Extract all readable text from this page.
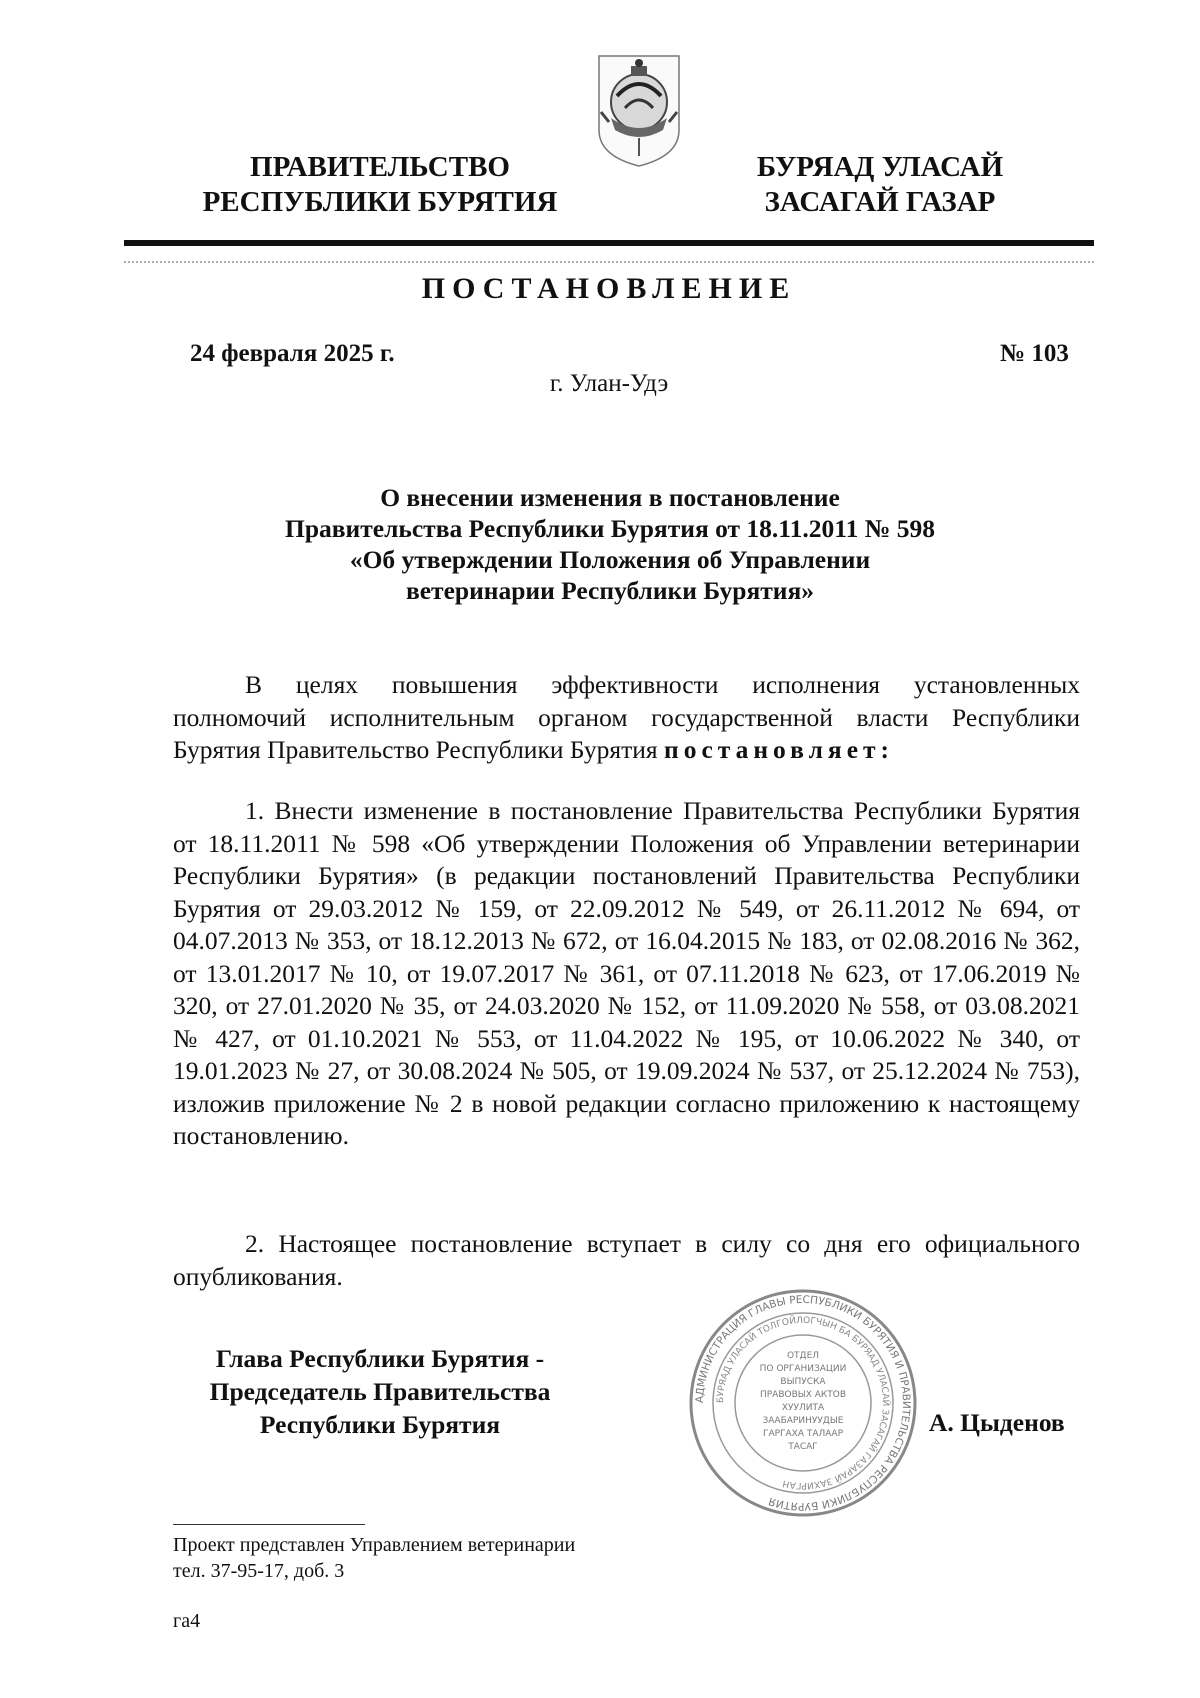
ПРАВИТЕЛЬСТВО
РЕСПУБЛИКИ БУРЯТИЯ
БУРЯАД УЛАСАЙ
ЗАСАГАЙ ГАЗАР
ПОСТАНОВЛЕНИЕ
24 февраля 2025 г.	№ 103
г. Улан-Удэ
О внесении изменения в постановление
Правительства Республики Бурятия от 18.11.2011 № 598
«Об утверждении Положения об Управлении
ветеринарии Республики Бурятия»

В целях повышения эффективности исполнения установленных полномочий исполнительным органом государственной власти Республики Бурятия Правительство Республики Бурятия постановляет:

1. Внести изменение в постановление Правительства Республики Бурятия от 18.11.2011 № 598 «Об утверждении Положения об Управлении ветеринарии Республики Бурятия» (в редакции постановлений Правительства Республики Бурятия от 29.03.2012 № 159, от 22.09.2012 № 549, от 26.11.2012 № 694, от 04.07.2013 № 353, от 18.12.2013 № 672, от 16.04.2015 № 183, от 02.08.2016 № 362, от 13.01.2017 № 10, от 19.07.2017 № 361, от 07.11.2018 № 623, от 17.06.2019 № 320, от 27.01.2020 № 35, от 24.03.2020 № 152, от 11.09.2020 № 558, от 03.08.2021 № 427, от 01.10.2021 № 553, от 11.04.2022 № 195, от 10.06.2022 № 340, от 19.01.2023 № 27, от 30.08.2024 № 505, от 19.09.2024 № 537, от 25.12.2024 № 753), изложив приложение № 2 в новой редакции согласно приложению к настоящему постановлению.

2. Настоящее постановление вступает в силу со дня его официального опубликования.

Глава Республики Бурятия -
Председатель Правительства
Республики Бурятия	А. Цыденов
АДМИНИСТРАЦИЯ ГЛАВЫ РЕСПУБЛИКИ БУРЯТИЯ И ПРАВИТЕЛЬСТВА РЕСПУБЛИКИ БУРЯТИЯ
БУРЯАД УЛАСАЙ ТОЛГОЙЛОГЧЫН БА БУРЯАД УЛАСАЙ ЗАСАГАЙ ГАЗАРАЙ ЗАХИРГАН
ОТДЕЛ
ПО ОРГАНИЗАЦИИ
ВЫПУСКА
ПРАВОВЫХ АКТОВ
ХУУЛИТА
ЗААБАРИНУУДЫЕ
ГАРГАХА ТАЛААР
ТАСАГ
Проект представлен Управлением ветеринарии
тел. 37-95-17, доб. 3
га4
